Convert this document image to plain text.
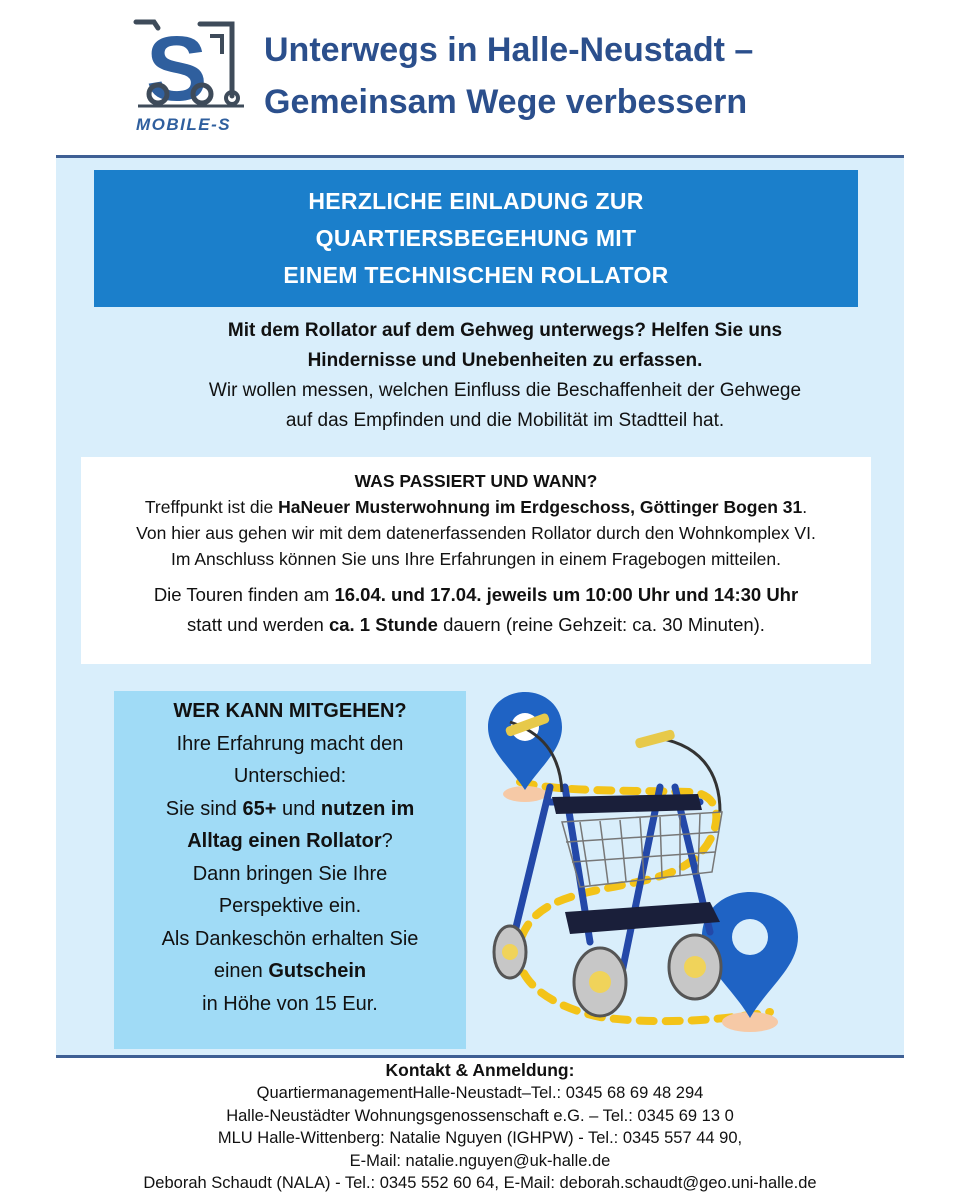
S
MOBILE-S
Unterwegs in Halle-Neustadt –
Gemeinsam Wege verbessern
HERZLICHE EINLADUNG ZUR
QUARTIERSBEGEHUNG MIT
EINEM TECHNISCHEN ROLLATOR
Mit dem Rollator auf dem Gehweg unterwegs? Helfen Sie uns
Hindernisse und Unebenheiten zu erfassen.
Wir wollen messen, welchen Einfluss die Beschaffenheit der Gehwege
auf das Empfinden und die Mobilität im Stadtteil hat.
WAS PASSIERT UND WANN?
Treffpunkt ist die HaNeuer Musterwohnung im Erdgeschoss, Göttinger Bogen 31.
Von hier aus gehen wir mit dem datenerfassenden Rollator durch den Wohnkomplex VI.
Im Anschluss können Sie uns Ihre Erfahrungen in einem Fragebogen mitteilen.
Die Touren finden am 16.04. und 17.04. jeweils um 10:00 Uhr und 14:30 Uhr
statt und werden ca. 1 Stunde dauern (reine Gehzeit: ca. 30 Minuten).
WER KANN MITGEHEN?
Ihre Erfahrung macht den
Unterschied:
Sie sind 65+ und nutzen im
Alltag einen Rollator?
Dann bringen Sie Ihre
Perspektive ein.
Als Dankeschön erhalten Sie
einen Gutschein
in Höhe von 15 Eur.
Kontakt & Anmeldung:
QuartiermanagementHalle-Neustadt–Tel.: 0345 68 69 48 294
Halle-Neustädter Wohnungsgenossenschaft e.G. – Tel.: 0345 69 13 0
MLU Halle-Wittenberg: Natalie Nguyen (IGHPW) - Tel.: 0345 557 44 90,
E-Mail: natalie.nguyen@uk-halle.de
Deborah Schaudt (NALA) - Tel.: 0345 552 60 64, E-Mail: deborah.schaudt@geo.uni-halle.de
